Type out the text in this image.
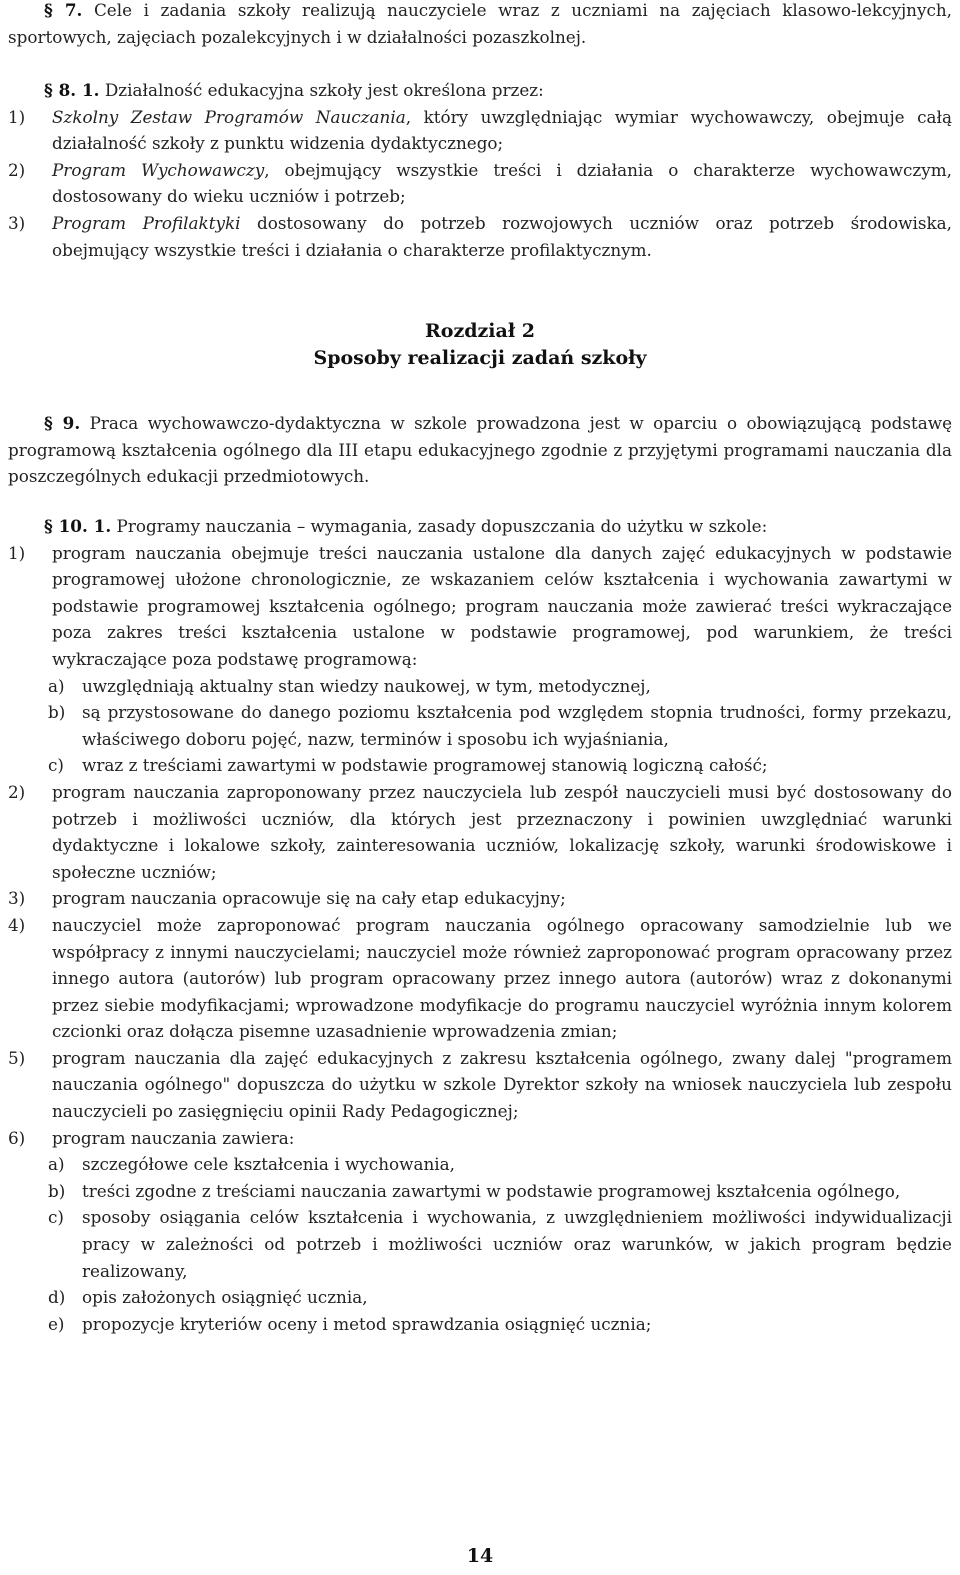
§ 7. Cele i zadania szkoły realizują nauczyciele wraz z uczniami na zajęciach klasowo-lekcyjnych, sportowych, zajęciach pozalekcyjnych i w działalności pozaszkolnej.
§ 8. 1. Działalność edukacyjna szkoły jest określona przez:
1) Szkolny Zestaw Programów Nauczania, który uwzględniając wymiar wychowawczy, obejmuje całą działalność szkoły z punktu widzenia dydaktycznego;
2) Program Wychowawczy, obejmujący wszystkie treści i działania o charakterze wychowawczym, dostosowany do wieku uczniów i potrzeb;
3) Program Profilaktyki dostosowany do potrzeb rozwojowych uczniów oraz potrzeb środowiska, obejmujący wszystkie treści i działania o charakterze profilaktycznym.
Rozdział 2
Sposoby realizacji zadań szkoły
§ 9. Praca wychowawczo-dydaktyczna w szkole prowadzona jest w oparciu o obowiązującą podstawę programową kształcenia ogólnego dla III etapu edukacyjnego zgodnie z przyjętymi programami nauczania dla poszczególnych edukacji przedmiotowych.
§ 10. 1. Programy nauczania – wymagania, zasady dopuszczania do użytku w szkole:
1) program nauczania obejmuje treści nauczania ustalone dla danych zajęć edukacyjnych w podstawie programowej ułożone chronologicznie, ze wskazaniem celów kształcenia i wychowania zawartymi w podstawie programowej kształcenia ogólnego; program nauczania może zawierać treści wykraczające poza zakres treści kształcenia ustalone w podstawie programowej, pod warunkiem, że treści wykraczające poza podstawę programową:
a) uwzględniają aktualny stan wiedzy naukowej, w tym, metodycznej,
b) są przystosowane do danego poziomu kształcenia pod względem stopnia trudności, formy przekazu, właściwego doboru pojęć, nazw, terminów i sposobu ich wyjaśniania,
c) wraz z treściami zawartymi w podstawie programowej stanowią logiczną całość;
2) program nauczania zaproponowany przez nauczyciela lub zespół nauczycieli musi być dostosowany do potrzeb i możliwości uczniów, dla których jest przeznaczony i powinien uwzględniać warunki dydaktyczne i lokalowe szkoły, zainteresowania uczniów, lokalizację szkoły, warunki środowiskowe i społeczne uczniów;
3) program nauczania opracowuje się na cały etap edukacyjny;
4) nauczyciel może zaproponować program nauczania ogólnego opracowany samodzielnie lub we współpracy z innymi nauczycielami; nauczyciel może również zaproponować program opracowany przez innego autora (autorów) lub program opracowany przez innego autora (autorów) wraz z dokonanymi przez siebie modyfikacjami; wprowadzone modyfikacje do programu nauczyciel wyróżnia innym kolorem czcionki oraz dołącza pisemne uzasadnienie wprowadzenia zmian;
5) program nauczania dla zajęć edukacyjnych z zakresu kształcenia ogólnego, zwany dalej "programem nauczania ogólnego" dopuszcza do użytku w szkole Dyrektor szkoły na wniosek nauczyciela lub zespołu nauczycieli po zasięgnięciu opinii Rady Pedagogicznej;
6) program nauczania zawiera:
a) szczegółowe cele kształcenia i wychowania,
b) treści zgodne z treściami nauczania zawartymi w podstawie programowej kształcenia ogólnego,
c) sposoby osiągania celów kształcenia i wychowania, z uwzględnieniem możliwości indywidualizacji pracy w zależności od potrzeb i możliwości uczniów oraz warunków, w jakich program będzie realizowany,
d) opis założonych osiągnięć ucznia,
e) propozycje kryteriów oceny i metod sprawdzania osiągnięć ucznia;
14
